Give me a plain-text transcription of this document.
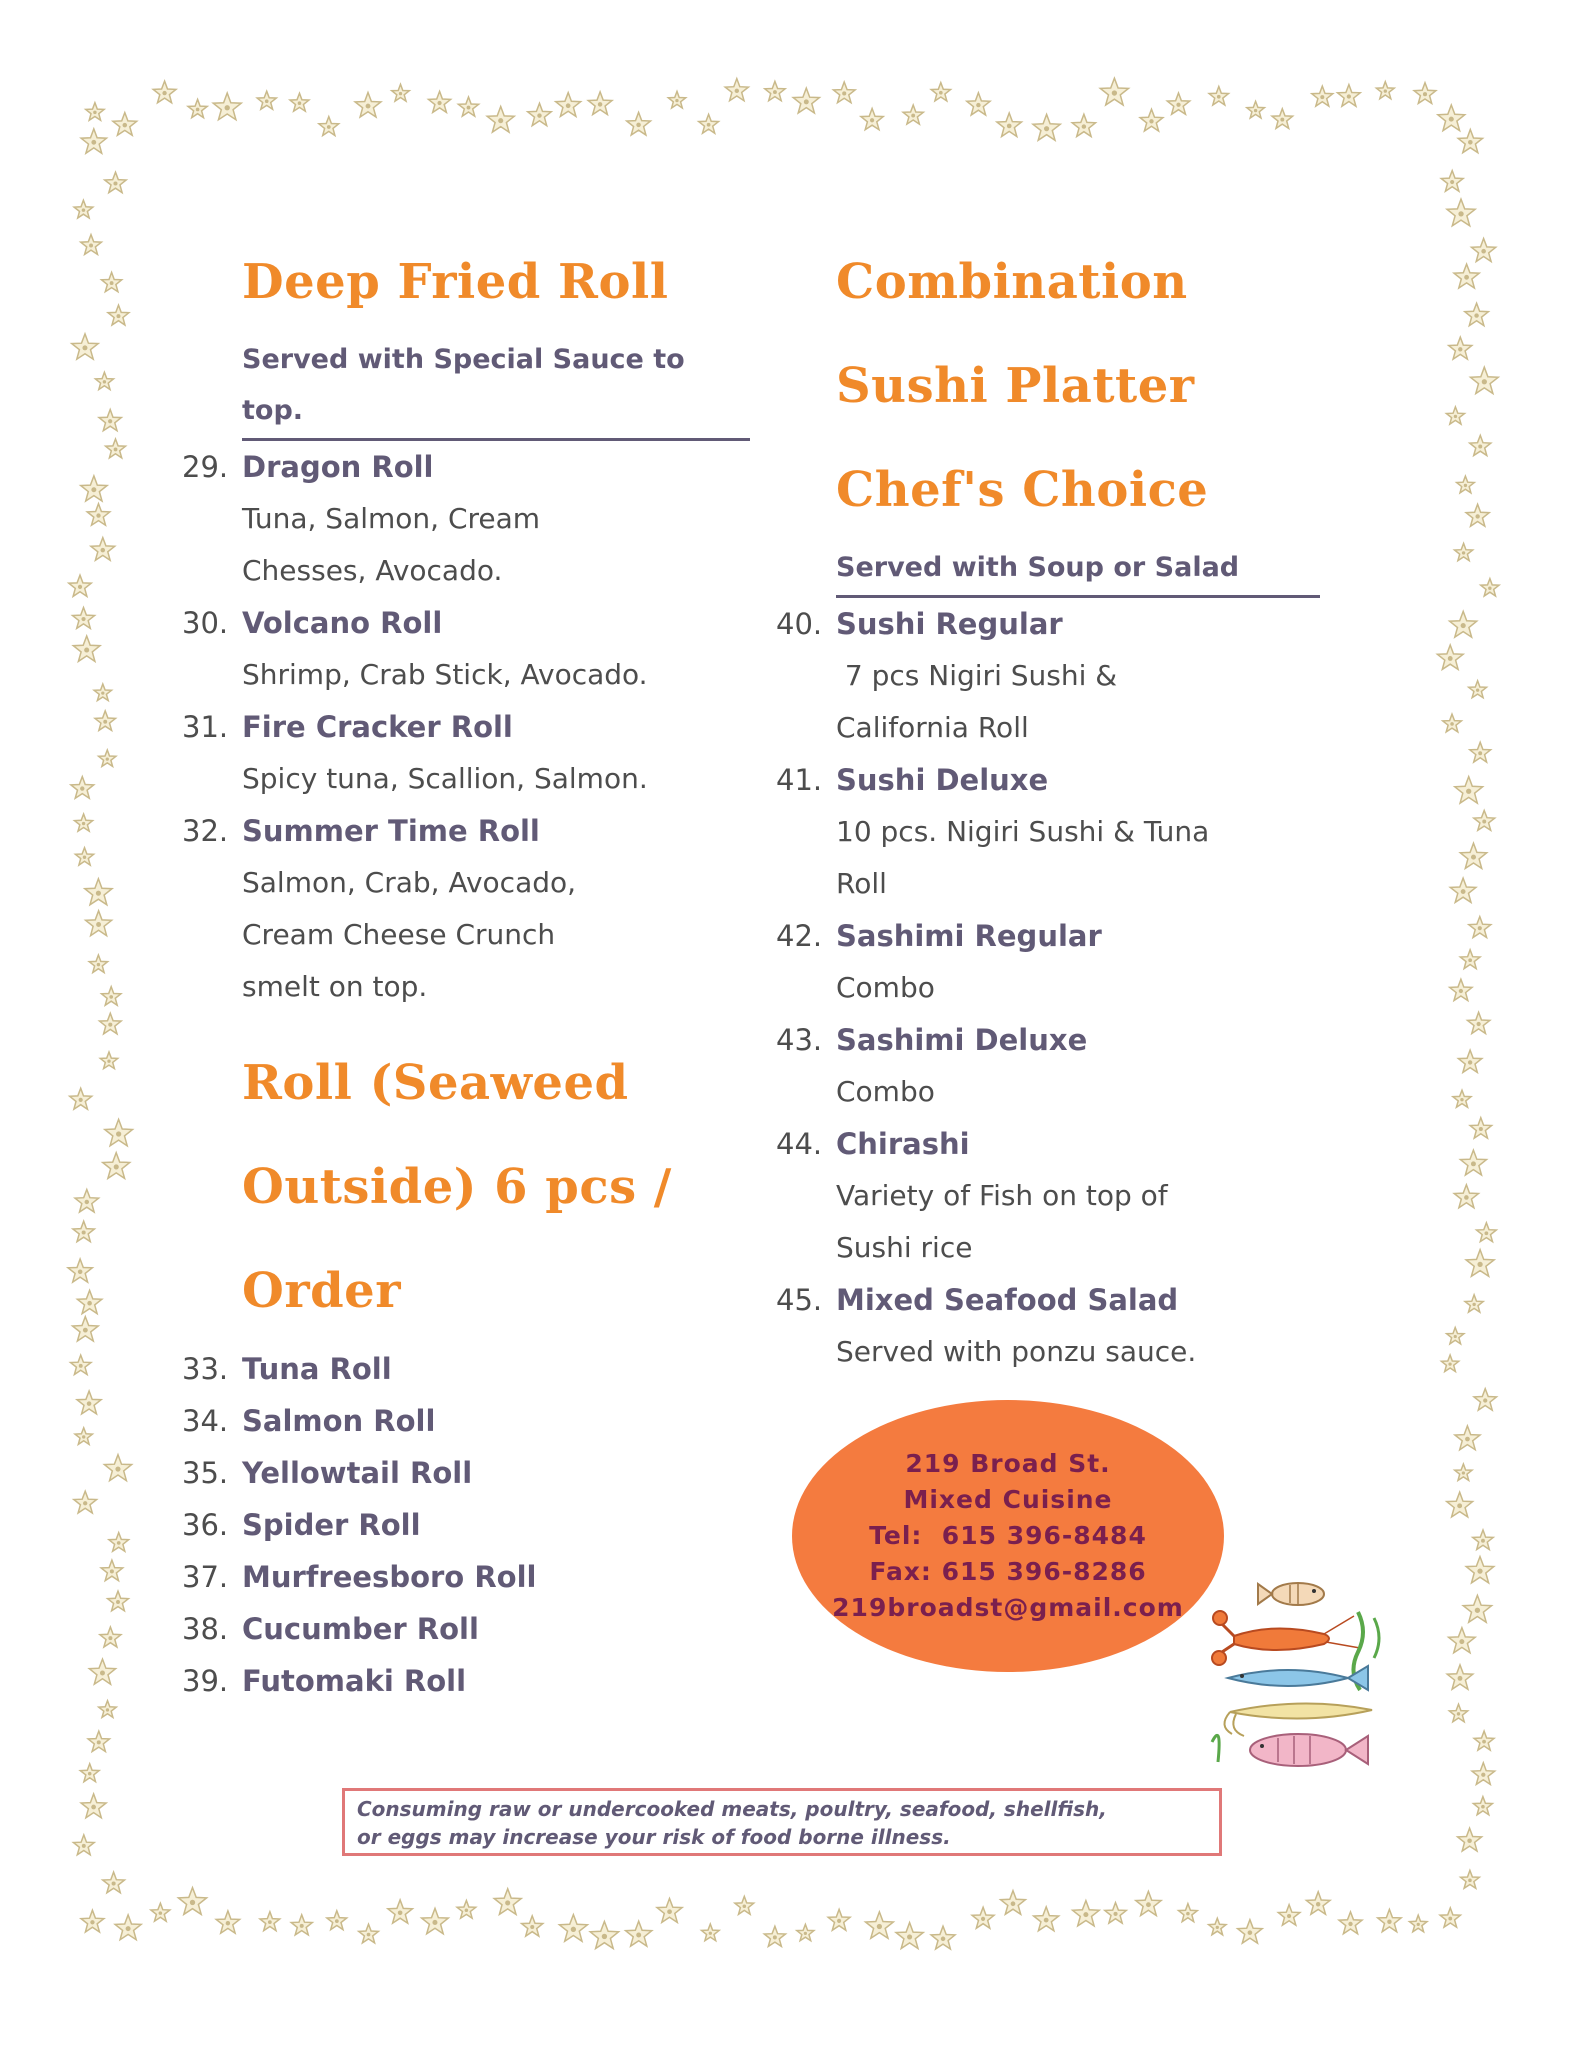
Deep Fried Roll
Served with Special Sauce to top.
29. Dragon Roll
Tuna, Salmon, Cream Chesses, Avocado.
30. Volcano Roll
Shrimp, Crab Stick, Avocado.
31. Fire Cracker Roll
Spicy tuna, Scallion, Salmon.
32. Summer Time Roll
Salmon, Crab, Avocado, Cream Cheese Crunch smelt on top.
Roll (Seaweed Outside) 6 pcs / Order
33. Tuna Roll
34. Salmon Roll
35. Yellowtail Roll
36. Spider Roll
37. Murfreesboro Roll
38. Cucumber Roll
39. Futomaki Roll
Combination Sushi Platter Chef's Choice
Served with Soup or Salad
40. Sushi Regular
7 pcs Nigiri Sushi & California Roll
41. Sushi Deluxe
10 pcs. Nigiri Sushi & Tuna Roll
42. Sashimi Regular
Combo
43. Sashimi Deluxe
Combo
44. Chirashi
Variety of Fish on top of Sushi rice
45. Mixed Seafood Salad
Served with ponzu sauce.
219 Broad St.
Mixed Cuisine
Tel:  615 396-8484
Fax: 615 396-8286
219broadst@gmail.com
Consuming raw or undercooked meats, poultry, seafood, shellfish,
or eggs may increase your risk of food borne illness.
